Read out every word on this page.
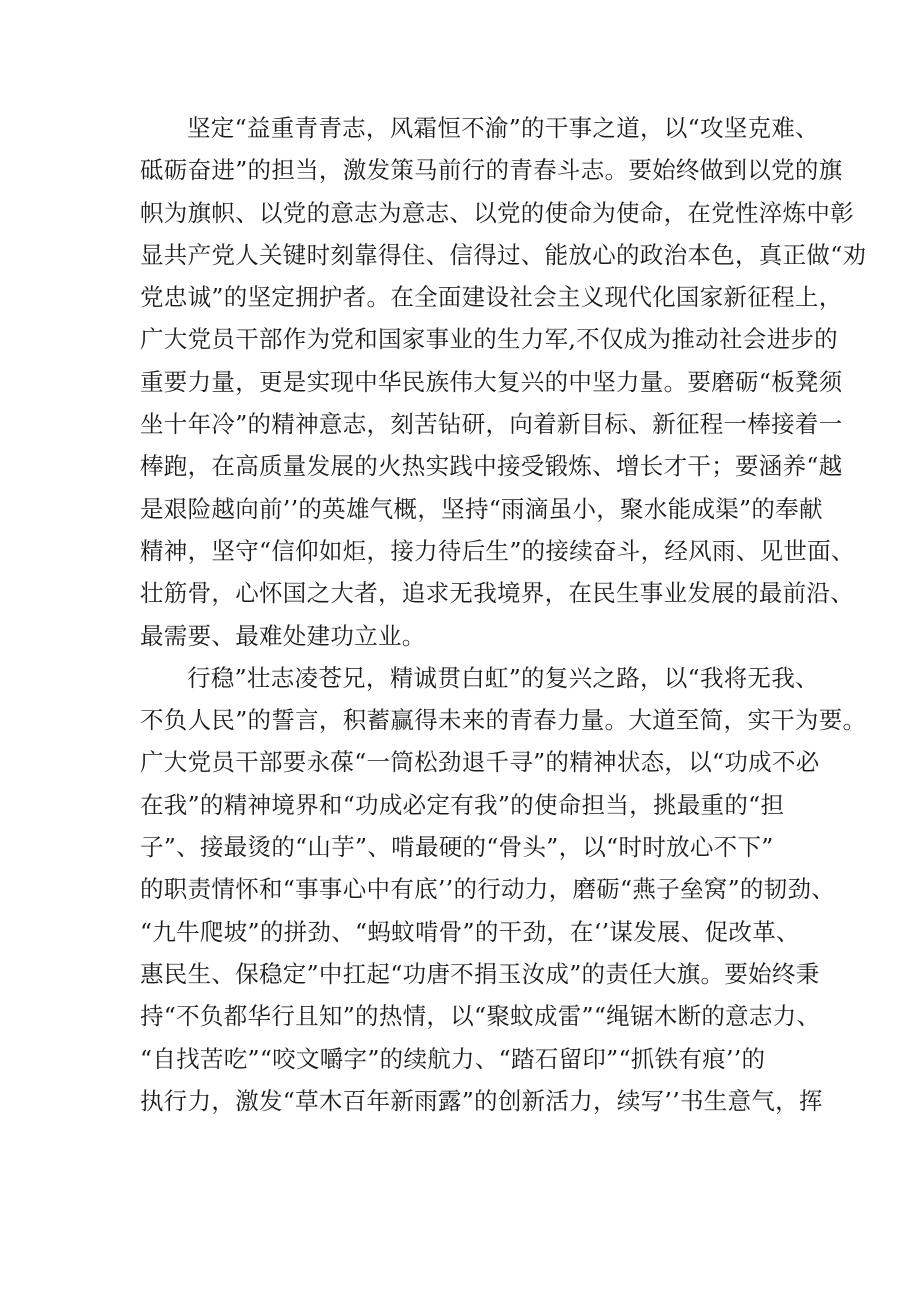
坚定“益重青青志，风霜恒不渝”的干事之道，以“攻坚克难、
砥砺奋进”的担当，激发策马前行的青春斗志。要始终做到以党的旗
帜为旗帜、以党的意志为意志、以党的使命为使命，在党性淬炼中彰
显共产党人关键时刻靠得住、信得过、能放心的政治本色，真正做“劝
党忠诚”的坚定拥护者。在全面建设社会主义现代化国家新征程上，
广大党员干部作为党和国家事业的生力军,不仅成为推动社会进步的
重要力量，更是实现中华民族伟大复兴的中坚力量。要磨砺“板凳须
坐十年冷”的精神意志，刻苦钻研，向着新目标、新征程一棒接着一
棒跑，在高质量发展的火热实践中接受锻炼、增长才干；要涵养“越
是艰险越向前’’的英雄气概，坚持“雨滴虽小，聚水能成渠”的奉献
精神，坚守“信仰如炬，接力待后生”的接续奋斗，经风雨、见世面、
壮筋骨，心怀国之大者，追求无我境界，在民生事业发展的最前沿、
最需要、最难处建功立业。
行稳”壮志凌苍兄，精诚贯白虹”的复兴之路，以“我将无我、
不负人民”的誓言，积蓄赢得未来的青春力量。大道至简，实干为要。
广大党员干部要永葆“一筒松劲退千寻”的精神状态，以“功成不必
在我”的精神境界和“功成必定有我”的使命担当，挑最重的“担
子”、接最烫的“山芋”、啃最硬的“骨头”，以“时时放心不下”
的职责情怀和“事事心中有底’’的行动力，磨砺“燕子垒窝”的韧劲、
“九牛爬坡”的拼劲、“蚂蚊啃骨”的干劲，在‘’谋发展、促改革、
惠民生、保稳定”中扛起“功唐不捐玉汝成”的责任大旗。要始终秉
持“不负都华行且知”的热情，以“聚蚊成雷”“绳锯木断的意志力、
“自找苦吃”“咬文嚼字”的续航力、“踏石留印”“抓铁有痕’’的
执行力，激发“草木百年新雨露”的创新活力，续写’’书生意气，挥
